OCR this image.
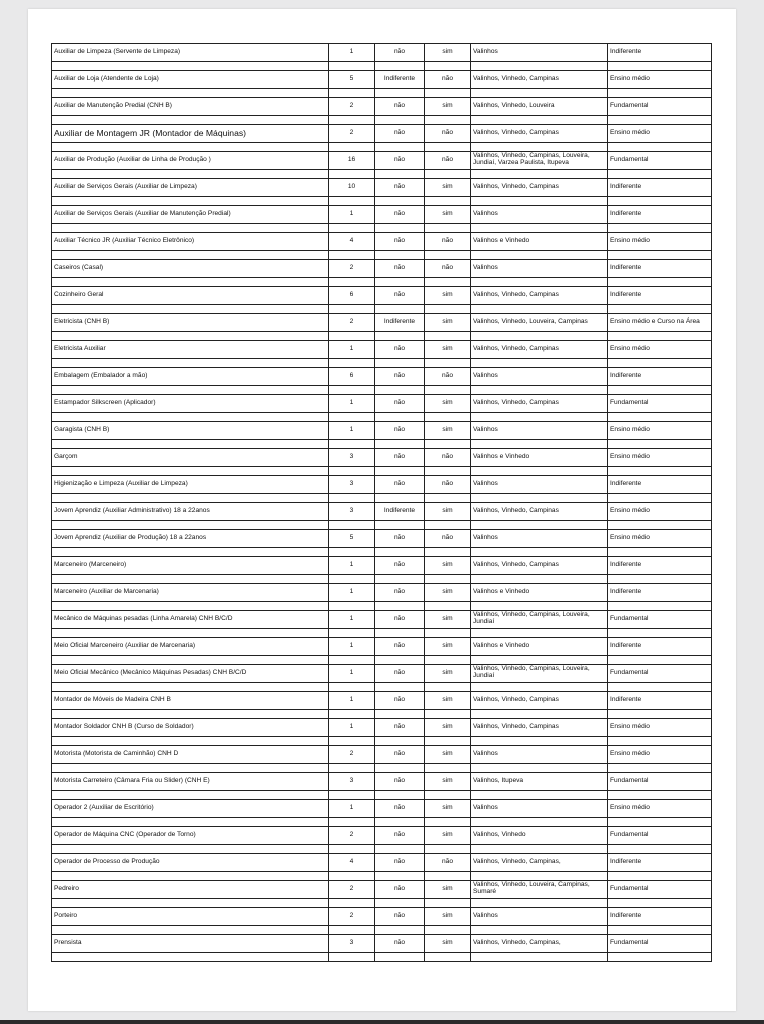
Auxiliar de Limpeza (Servente de Limpeza)	1	não	sim	Valinhos	Indiferente

Auxiliar de Loja (Atendente de Loja)	5	Indiferente	não	Valinhos, Vinhedo, Campinas	Ensino médio

Auxiliar de Manutenção Predial (CNH B)	2	não	sim	Valinhos, Vinhedo, Louveira	Fundamental

Auxiliar de Montagem JR (Montador de Máquinas)	2	não	não	Valinhos, Vinhedo, Campinas	Ensino médio

Auxiliar de Produção (Auxiliar de Linha de Produção )	16	não	não	Valinhos, Vinhedo, Campinas, Louveira, Jundiaí, Varzea Paulista, Itupeva	Fundamental

Auxiliar de Serviços Gerais (Auxiliar de Limpeza)	10	não	sim	Valinhos, Vinhedo, Campinas	Indiferente

Auxiliar de Serviços Gerais (Auxiliar de Manutenção Predial)	1	não	sim	Valinhos	Indiferente

Auxiliar Técnico JR (Auxiliar Técnico Eletrônico)	4	não	não	Valinhos e Vinhedo	Ensino médio

Caseiros (Casal)	2	não	não	Valinhos	Indiferente

Cozinheiro Geral	6	não	sim	Valinhos, Vinhedo, Campinas	Indiferente

Eletricista (CNH B)	2	Indiferente	sim	Valinhos, Vinhedo, Louveira, Campinas	Ensino médio e Curso na Área

Eletricista Auxiliar	1	não	sim	Valinhos, Vinhedo, Campinas	Ensino médio

Embalagem (Embalador a mão)	6	não	não	Valinhos	Indiferente

Estampador Silkscreen (Aplicador)	1	não	sim	Valinhos, Vinhedo, Campinas	Fundamental

Garagista (CNH B)	1	não	sim	Valinhos	Ensino médio

Garçom	3	não	não	Valinhos e Vinhedo	Ensino médio

Higienização e Limpeza (Auxiliar de Limpeza)	3	não	não	Valinhos	Indiferente

Jovem Aprendiz (Auxiliar Administrativo) 18 a 22anos	3	Indiferente	sim	Valinhos, Vinhedo, Campinas	Ensino médio

Jovem Aprendiz (Auxiliar de Produção) 18 a 22anos	5	não	não	Valinhos	Ensino médio

Marceneiro (Marceneiro)	1	não	sim	Valinhos, Vinhedo, Campinas	Indiferente

Marceneiro (Auxiliar de Marcenaria)	1	não	sim	Valinhos e Vinhedo	Indiferente

Mecânico de Máquinas pesadas (Linha Amarela) CNH B/C/D	1	não	sim	Valinhos, Vinhedo, Campinas, Louveira, Jundiaí	Fundamental

Meio Oficial Marceneiro (Auxiliar de Marcenaria)	1	não	sim	Valinhos e Vinhedo	Indiferente

Meio Oficial Mecânico (Mecânico Máquinas Pesadas) CNH B/C/D	1	não	sim	Valinhos, Vinhedo, Campinas, Louveira, Jundiaí	Fundamental

Montador de Móveis de Madeira CNH B	1	não	sim	Valinhos, Vinhedo, Campinas	Indiferente

Montador Soldador CNH B (Curso de Soldador)	1	não	sim	Valinhos, Vinhedo, Campinas	Ensino médio

Motorista (Motorista de Caminhão) CNH D	2	não	sim	Valinhos	Ensino médio

Motorista Carreteiro (Câmara Fria ou Slider) (CNH E)	3	não	sim	Valinhos, Itupeva	Fundamental

Operador 2 (Auxiliar de Escritório)	1	não	sim	Valinhos	Ensino médio

Operador de Máquina CNC (Operador de Torno)	2	não	sim	Valinhos, Vinhedo	Fundamental

Operador de Processo de Produção	4	não	não	Valinhos, Vinhedo, Campinas,	Indiferente

Pedreiro	2	não	sim	Valinhos, Vinhedo, Louveira, Campinas, Sumaré	Fundamental

Porteiro	2	não	sim	Valinhos	Indiferente

Prensista	3	não	sim	Valinhos, Vinhedo, Campinas,	Fundamental
